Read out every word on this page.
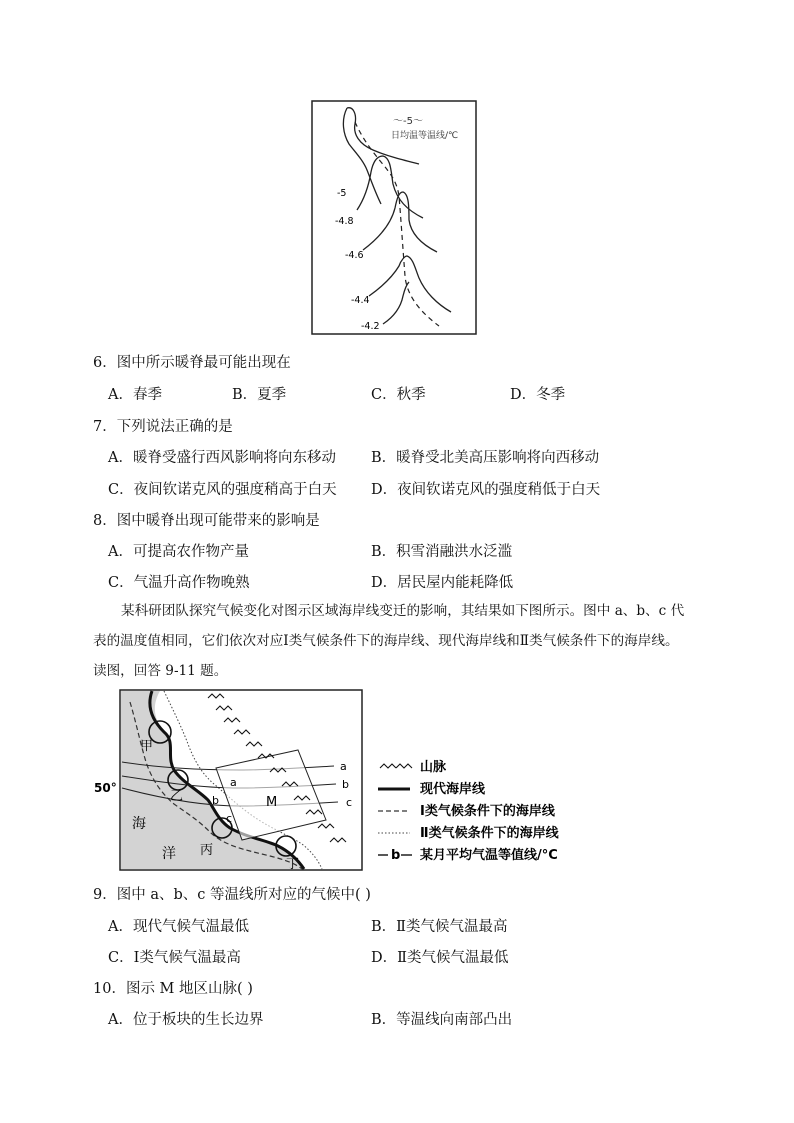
～-5～
日均温等温线/℃
-5
-4.8
-4.6
-4.4
-4.2
6．图中所示暖脊最可能出现在
A．春季	B．夏季	C．秋季	D．冬季
7．下列说法正确的是
A．暖脊受盛行西风影响将向东移动 B．暖脊受北美高压影响将向西移动
C．夜间钦诺克风的强度稍高于白天 D．夜间钦诺克风的强度稍低于白天
8．图中暖脊出现可能带来的影响是
A．可提高农作物产量	B．积雪消融洪水泛滥
C．气温升高作物晚熟	D．居民屋内能耗降低
某科研团队探究气候变化对图示区域海岸线变迁的影响，其结果如下图所示。图中 a、b、c 代
表的温度值相同，它们依次对应Ⅰ类气候条件下的海岸线、现代海岸线和Ⅱ类气候条件下的海岸线。
读图，回答 9-11 题。
50°
甲
乙
丙
丁
M
海
洋
a
b
c
a
b
c
山脉
现代海岸线
Ⅰ类气候条件下的海岸线
Ⅱ类气候条件下的海岸线
b 某月平均气温等值线/°C
9．图中 a、b、c 等温线所对应的气候中( )
A．现代气候气温最低	B．Ⅱ类气候气温最高
C．Ⅰ类气候气温最高	D．Ⅱ类气候气温最低
10．图示 M 地区山脉( )
A．位于板块的生长边界	B．等温线向南部凸出
